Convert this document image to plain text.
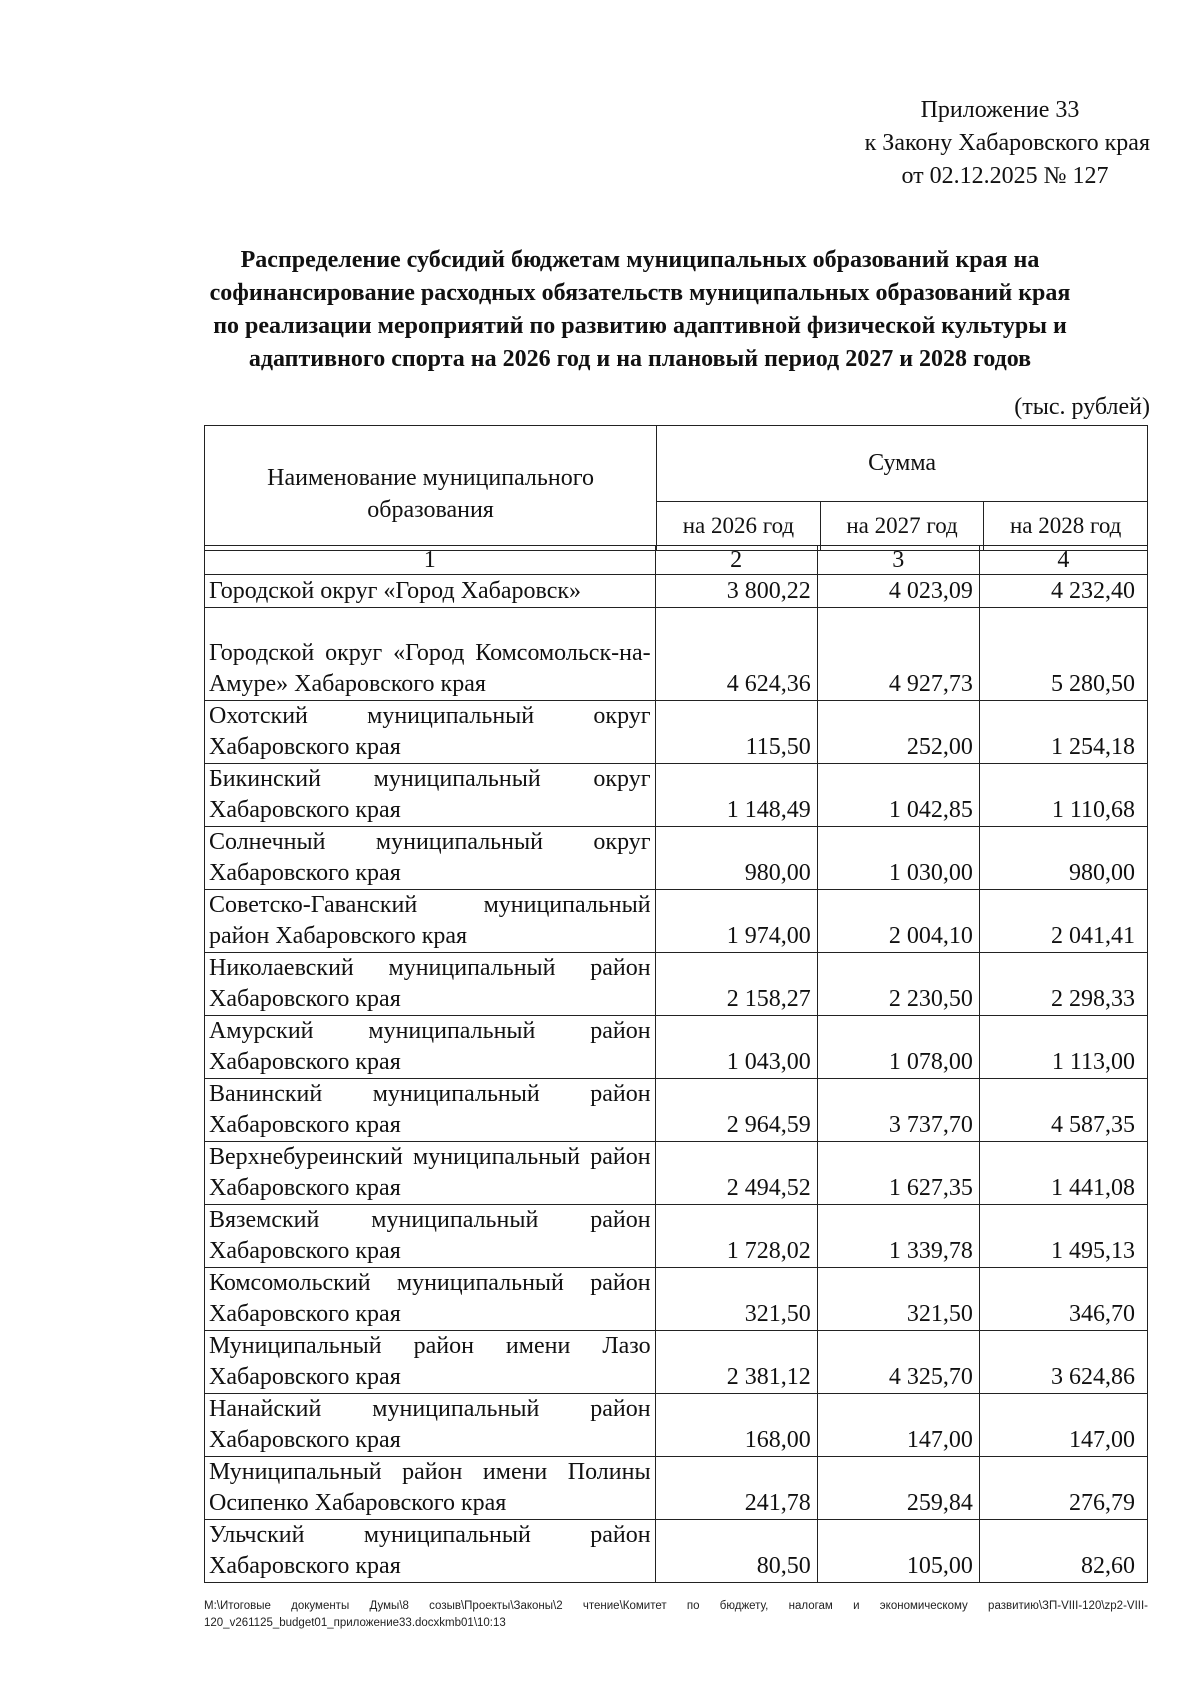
Приложение 33
к Закону Хабаровского края
от 02.12.2025 № 127
Распределение субсидий бюджетам муниципальных образований края на
софинансирование расходных обязательств муниципальных образований края
по реализации мероприятий по развитию адаптивной физической культуры и
адаптивного спорта на 2026 год и на плановый период 2027 и 2028 годов
(тыс. рублей)
Наименование муниципального образования	Сумма		
	на 2026 год	на 2027 год	на 2028 год
1	2	3	4
Городской округ «Город Хабаровск»	3 800,22	4 023,09	4 232,40
Городской округ «Город Комсомольск-на-Амуре» Хабаровского края	4 624,36	4 927,73	5 280,50
Охотский муниципальный округ Хабаровского края	115,50	252,00	1 254,18
Бикинский муниципальный округ Хабаровского края	1 148,49	1 042,85	1 110,68
Солнечный муниципальный округ Хабаровского края	980,00	1 030,00	980,00
Советско-Гаванский муниципальный район Хабаровского края	1 974,00	2 004,10	2 041,41
Николаевский муниципальный район Хабаровского края	2 158,27	2 230,50	2 298,33
Амурский муниципальный район Хабаровского края	1 043,00	1 078,00	1 113,00
Ванинский муниципальный район Хабаровского края	2 964,59	3 737,70	4 587,35
Верхнебуреинский муниципальный район Хабаровского края	2 494,52	1 627,35	1 441,08
Вяземский муниципальный район Хабаровского края	1 728,02	1 339,78	1 495,13
Комсомольский муниципальный район Хабаровского края	321,50	321,50	346,70
Муниципальный район имени Лазо Хабаровского края	2 381,12	4 325,70	3 624,86
Нанайский муниципальный район Хабаровского края	168,00	147,00	147,00
Муниципальный район имени Полины Осипенко Хабаровского края	241,78	259,84	276,79
Ульчский муниципальный район Хабаровского края	80,50	105,00	82,60
M:\Итоговые документы Думы\8 созыв\Проекты\Законы\2 чтение\Комитет по бюджету, налогам и экономическому развитию\ЗП-VIII-120\zp2-VIII-120_v261125_budget01_приложение33.docxkmb01\10:13
